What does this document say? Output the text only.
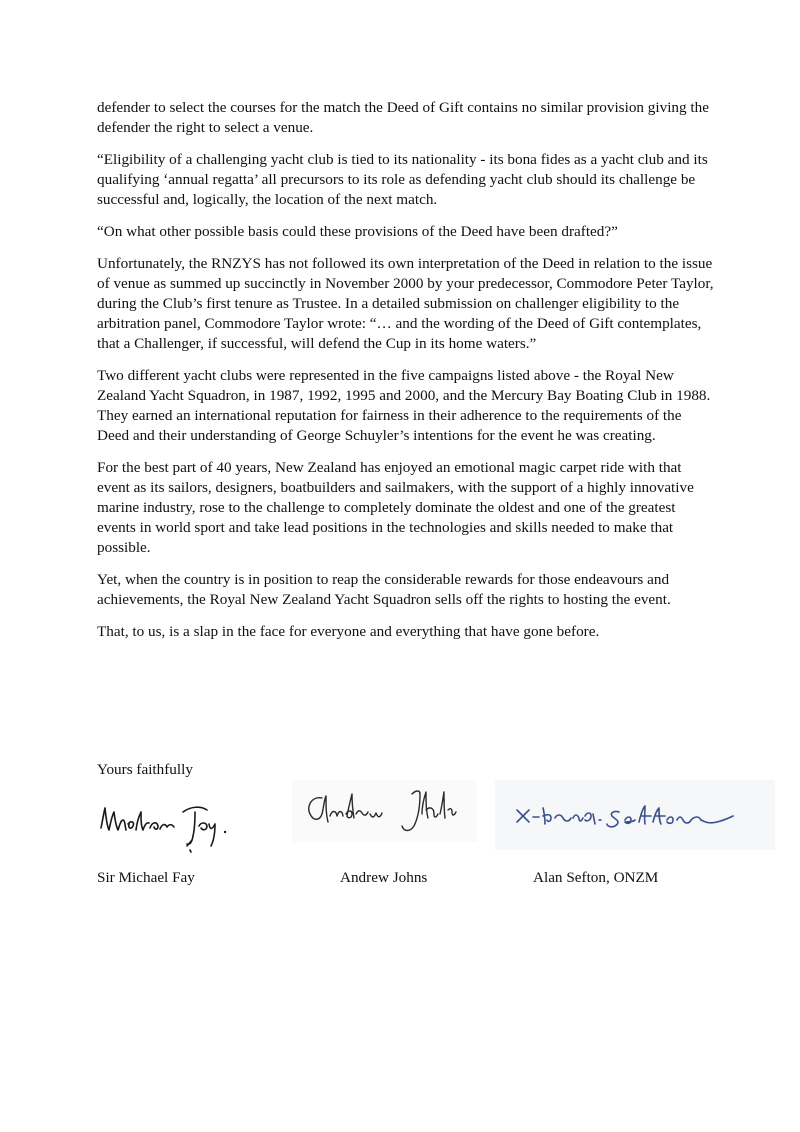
defender to select the courses for the match the Deed of Gift contains no similar provision giving the defender the right to select a venue.

“Eligibility of a challenging yacht club is tied to its nationality - its bona fides as a yacht club and its qualifying ‘annual regatta’ all precursors to its role as defending yacht club should its challenge be successful and, logically, the location of the next match.

“On what other possible basis could these provisions of the Deed have been drafted?”

Unfortunately, the RNZYS has not followed its own interpretation of the Deed in relation to the issue of venue as summed up succinctly in November 2000 by your predecessor, Commodore Peter Taylor, during the Club’s first tenure as Trustee. In a detailed submission on challenger eligibility to the arbitration panel, Commodore Taylor wrote: “… and the wording of the Deed of Gift contemplates, that a Challenger, if successful, will defend the Cup in its home waters.”

Two different yacht clubs were represented in the five campaigns listed above - the Royal New Zealand Yacht Squadron, in 1987, 1992, 1995 and 2000, and the Mercury Bay Boating Club in 1988. They earned an international reputation for fairness in their adherence to the requirements of the Deed and their understanding of George Schuyler’s intentions for the event he was creating.

For the best part of 40 years, New Zealand has enjoyed an emotional magic carpet ride with that event as its sailors, designers, boatbuilders and sailmakers, with the support of a highly innovative marine industry, rose to the challenge to completely dominate the oldest and one of the greatest events in world sport and take lead positions in the technologies and skills needed to make that possible.

Yet, when the country is in position to reap the considerable rewards for those endeavours and achievements, the Royal New Zealand Yacht Squadron sells off the rights to hosting the event.

That, to us, is a slap in the face for everyone and everything that have gone before.

Yours faithfully
Sir Michael Fay	Andrew Johns	Alan Sefton, ONZM
